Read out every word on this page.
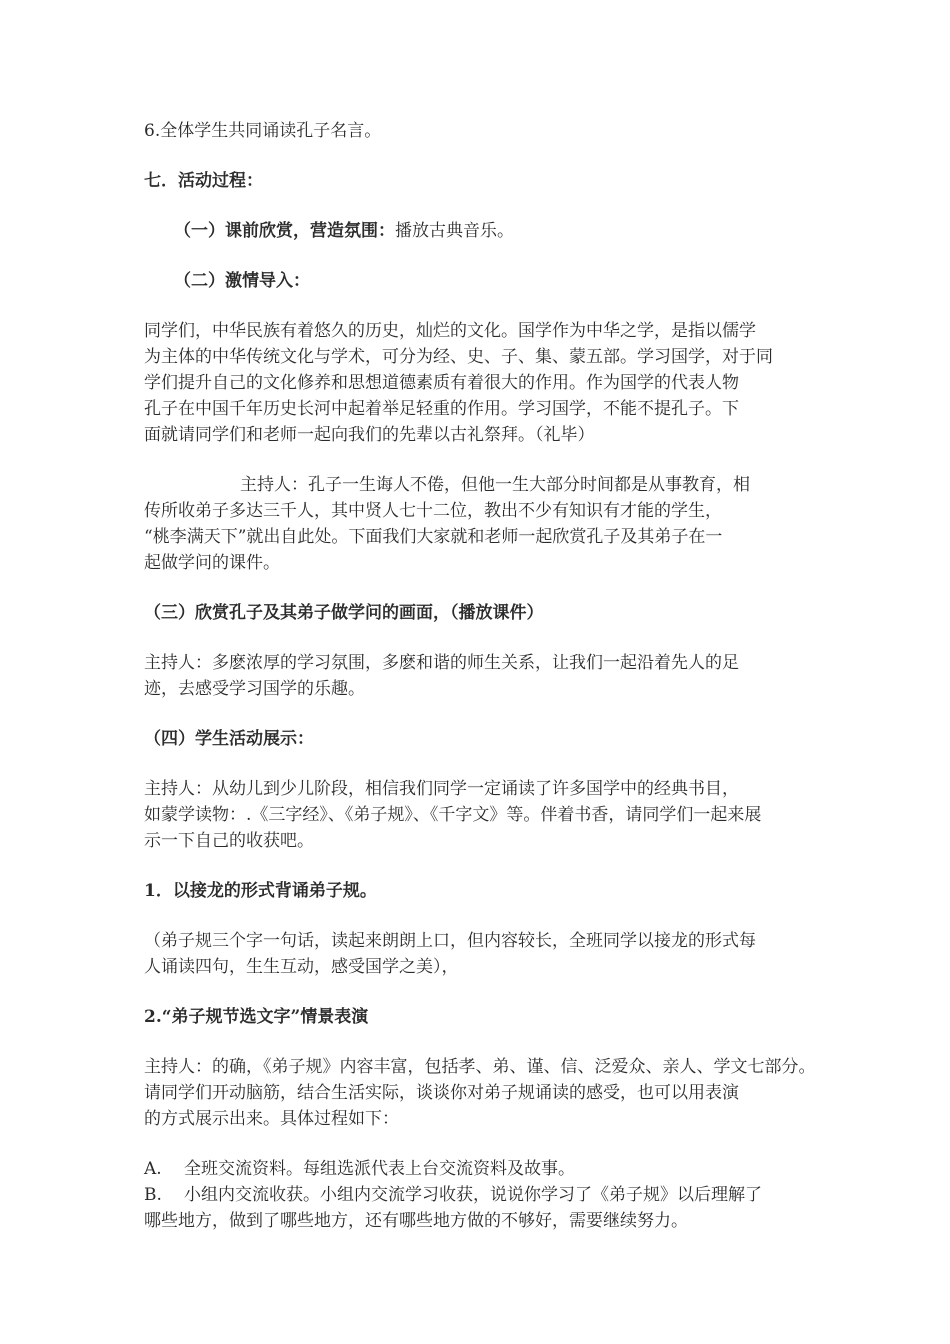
6.全体学生共同诵读孔子名言。

七．活动过程：

（一）课前欣赏，营造氛围：播放古典音乐。

（二）激情导入：

同学们，中华民族有着悠久的历史，灿烂的文化。国学作为中华之学，是指以儒学
为主体的中华传统文化与学术，可分为经、史、子、集、蒙五部。学习国学，对于同
学们提升自己的文化修养和思想道德素质有着很大的作用。作为国学的代表人物
孔子在中国千年历史长河中起着举足轻重的作用。学习国学，不能不提孔子。下
面就请同学们和老师一起向我们的先辈以古礼祭拜。（礼毕）
主持人：孔子一生诲人不倦，但他一生大部分时间都是从事教育，相
传所收弟子多达三千人，其中贤人七十二位，教出不少有知识有才能的学生，
“桃李满天下”就出自此处。下面我们大家就和老师一起欣赏孔子及其弟子在一
起做学问的课件。

（三）欣赏孔子及其弟子做学问的画面，（播放课件）

主持人：多麽浓厚的学习氛围，多麽和谐的师生关系，让我们一起沿着先人的足
迹，去感受学习国学的乐趣。

（四）学生活动展示：

主持人：从幼儿到少儿阶段，相信我们同学一定诵读了许多国学中的经典书目，
如蒙学读物：.《三字经》、《弟子规》、《千字文》等。伴着书香，请同学们一起来展
示一下自己的收获吧。

1．以接龙的形式背诵弟子规。

（弟子规三个字一句话，读起来朗朗上口，但内容较长，全班同学以接龙的形式每
人诵读四句，生生互动，感受国学之美），

2.“弟子规节选文字”情景表演

主持人：的确，《弟子规》内容丰富，包括孝、弟、谨、信、泛爱众、亲人、学文七部分。
请同学们开动脑筋，结合生活实际，谈谈你对弟子规诵读的感受，也可以用表演
的方式展示出来。具体过程如下：
A.	全班交流资料。每组选派代表上台交流资料及故事。
B.	小组内交流收获。小组内交流学习收获，说说你学习了《弟子规》以后理解了
哪些地方，做到了哪些地方，还有哪些地方做的不够好，需要继续努力。
